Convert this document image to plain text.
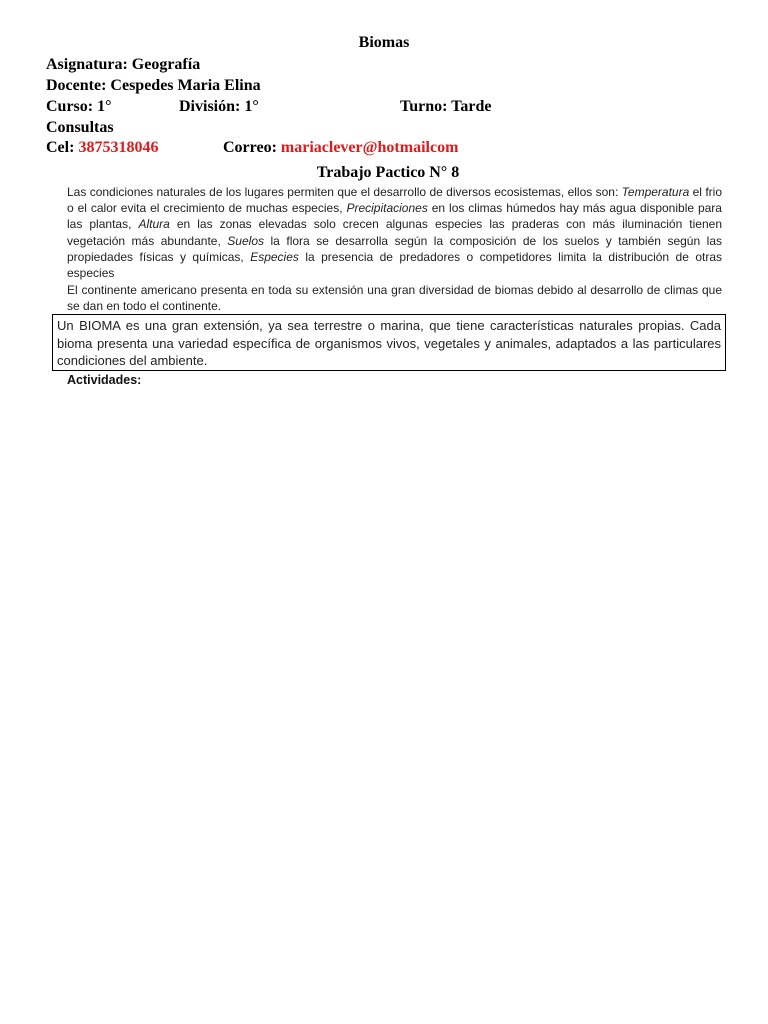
Biomas
Asignatura: Geografía
Docente: Cespedes Maria Elina
Curso: 1°	División: 1°	Turno: Tarde
Consultas
Cel: 3875318046	Correo: mariaclever@hotmailcom
Trabajo Pactico N° 8
Las condiciones naturales de los lugares permiten que el desarrollo de diversos ecosistemas, ellos son: Temperatura el frio o el calor evita el crecimiento de muchas especies, Precipitaciones en los climas húmedos hay más agua disponible para las plantas, Altura en las zonas elevadas solo crecen algunas especies las praderas con más iluminación tienen vegetación más abundante, Suelos la flora se desarrolla según la composición de los suelos y también según las propiedades físicas y químicas, Especies la presencia de predadores o competidores limita la distribución de otras especies
El continente americano presenta en toda su extensión una gran diversidad de biomas debido al desarrollo de climas que se dan en todo el continente.
Un BIOMA es una gran extensión, ya sea terrestre o marina, que tiene características naturales propias. Cada bioma presenta una variedad específica de organismos vivos, vegetales y animales, adaptados a las particulares condiciones del ambiente.
Actividades:
